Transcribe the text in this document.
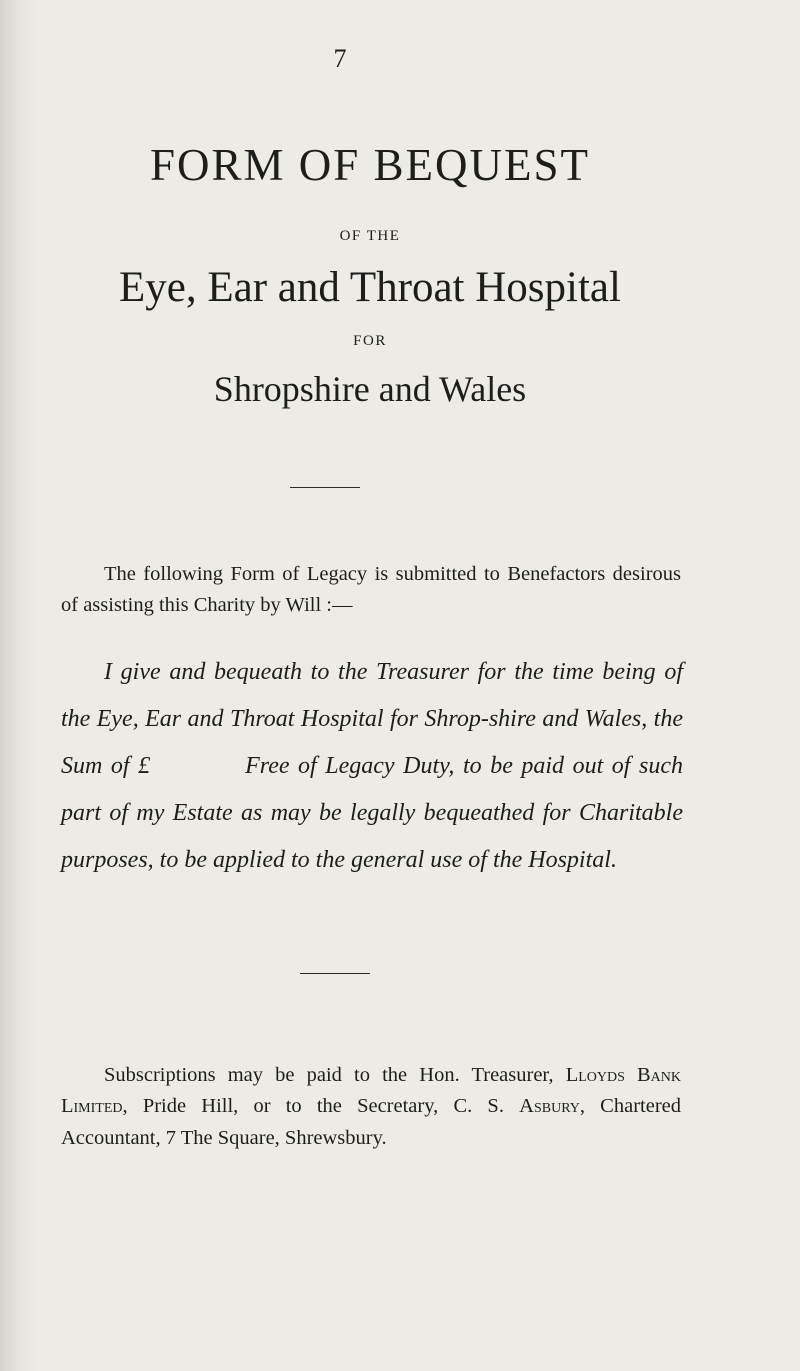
7
FORM OF BEQUEST
OF THE
Eye, Ear and Throat Hospital
FOR
Shropshire and Wales

The following Form of Legacy is submitted to Benefactors desirous of assisting this Charity by Will :—

I give and bequeath to the Treasurer for the time being of the Eye, Ear and Throat Hospital for Shrop-shire and Wales, the Sum of £	Free of Legacy Duty, to be paid out of such part of my Estate as may be legally bequeathed for Charitable purposes, to be applied to the general use of the Hospital.

Subscriptions may be paid to the Hon. Treasurer, Lloyds Bank Limited, Pride Hill, or to the Secretary, C. S. Asbury, Chartered Accountant, 7 The Square, Shrewsbury.
